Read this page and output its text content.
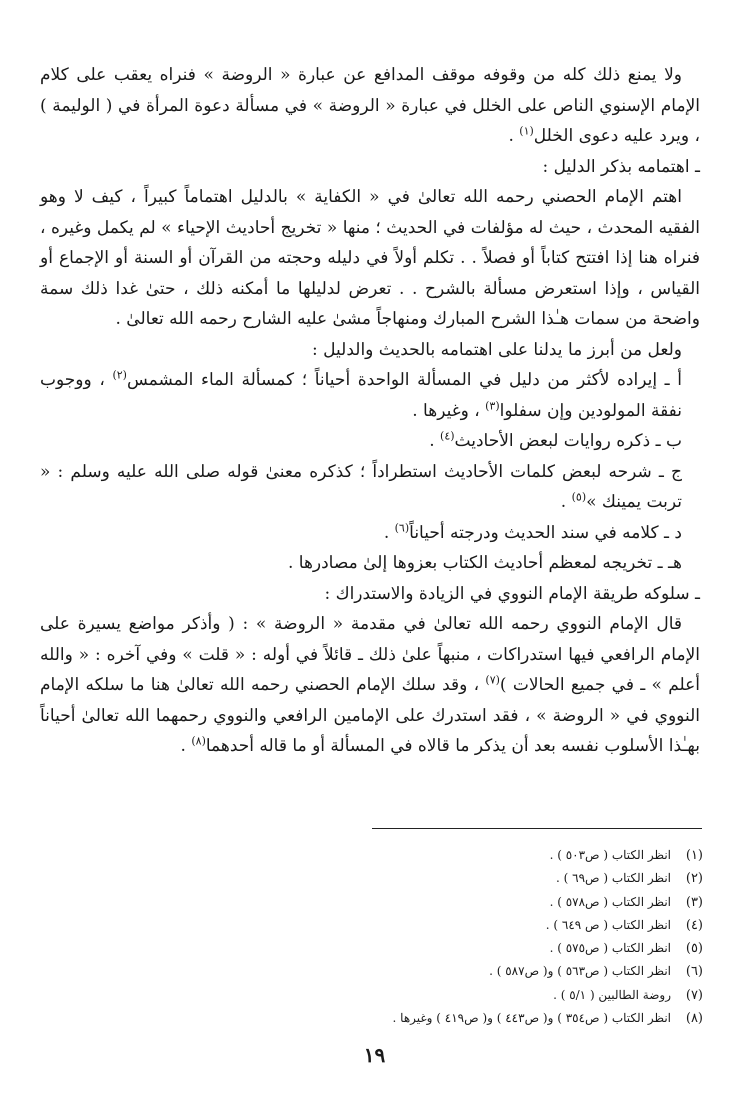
ولا يمنع ذلك كله من وقوفه موقف المدافع عن عبارة « الروضة » فنراه يعقب على كلام الإمام الإسنوي الناص على الخلل في عبارة « الروضة » في مسألة دعوة المرأة في ( الوليمة ) ، ويرد عليه دعوى الخلل$^{(١)}$ .

ـ اهتمامه بذكر الدليل :

اهتم الإمام الحصني رحمه الله تعالىٰ في « الكفاية » بالدليل اهتماماً كبيراً ، كيف لا وهو الفقيه المحدث ، حيث له مؤلفات في الحديث ؛ منها « تخريج أحاديث الإحياء » لم يكمل وغيره ، فنراه هنا إذا افتتح كتاباً أو فصلاً . . تكلم أولاً في دليله وحجته من القرآن أو السنة أو الإجماع أو القياس ، وإذا استعرض مسألة بالشرح . . تعرض لدليلها ما أمكنه ذلك ، حتىٰ غدا ذلك سمة واضحة من سمات هـٰذا الشرح المبارك ومنهاجاً مشىٰ عليه الشارح رحمه الله تعالىٰ .

ولعل من أبرز ما يدلنا على اهتمامه بالحديث والدليل :

أ ـ إيراده لأكثر من دليل في المسألة الواحدة أحياناً ؛ كمسألة الماء المشمس$^{(٢)}$ ، ووجوب نفقة المولودين وإن سفلوا$^{(٣)}$ ، وغيرها .

ب ـ ذكره روايات لبعض الأحاديث$^{(٤)}$ .

ج ـ شرحه لبعض كلمات الأحاديث استطراداً ؛ كذكره معنىٰ قوله صلى الله عليه وسلم : « تربت يمينك »$^{(٥)}$ .

د ـ كلامه في سند الحديث ودرجته أحياناً$^{(٦)}$ .

هـ ـ تخريجه لمعظم أحاديث الكتاب بعزوها إلىٰ مصادرها .

ـ سلوكه طريقة الإمام النووي في الزيادة والاستدراك :

قال الإمام النووي رحمه الله تعالىٰ في مقدمة « الروضة » : ( وأذكر مواضع يسيرة على الإمام الرافعي فيها استدراكات ، منبهاً علىٰ ذلك ـ قائلاً في أوله : « قلت » وفي آخره : « والله أعلم » ـ في جميع الحالات )$^{(٧)}$ ، وقد سلك الإمام الحصني رحمه الله تعالىٰ هنا ما سلكه الإمام النووي في « الروضة » ، فقد استدرك على الإمامين الرافعي والنووي رحمهما الله تعالىٰ أحياناً بهـٰذا الأسلوب نفسه بعد أن يذكر ما قالاه في المسألة أو ما قاله أحدهما$^{(٨)}$ .

(١)
انظر الكتاب ( ص٥٠٣ ) .
(٢)
انظر الكتاب ( ص٦٩ ) .
(٣)
انظر الكتاب ( ص٥٧٨ ) .
(٤)
انظر الكتاب ( ص ٦٤٩ ) .
(٥)
انظر الكتاب ( ص٥٧٥ ) .
(٦)
انظر الكتاب ( ص٥٦٣ ) و( ص٥٨٧ ) .
(٧)
روضة الطالبين ( ٥/١ ) .
(٨)
انظر الكتاب ( ص٣٥٤ ) و( ص٤٤٣ ) و( ص٤١٩ ) وغيرها .
١٩
